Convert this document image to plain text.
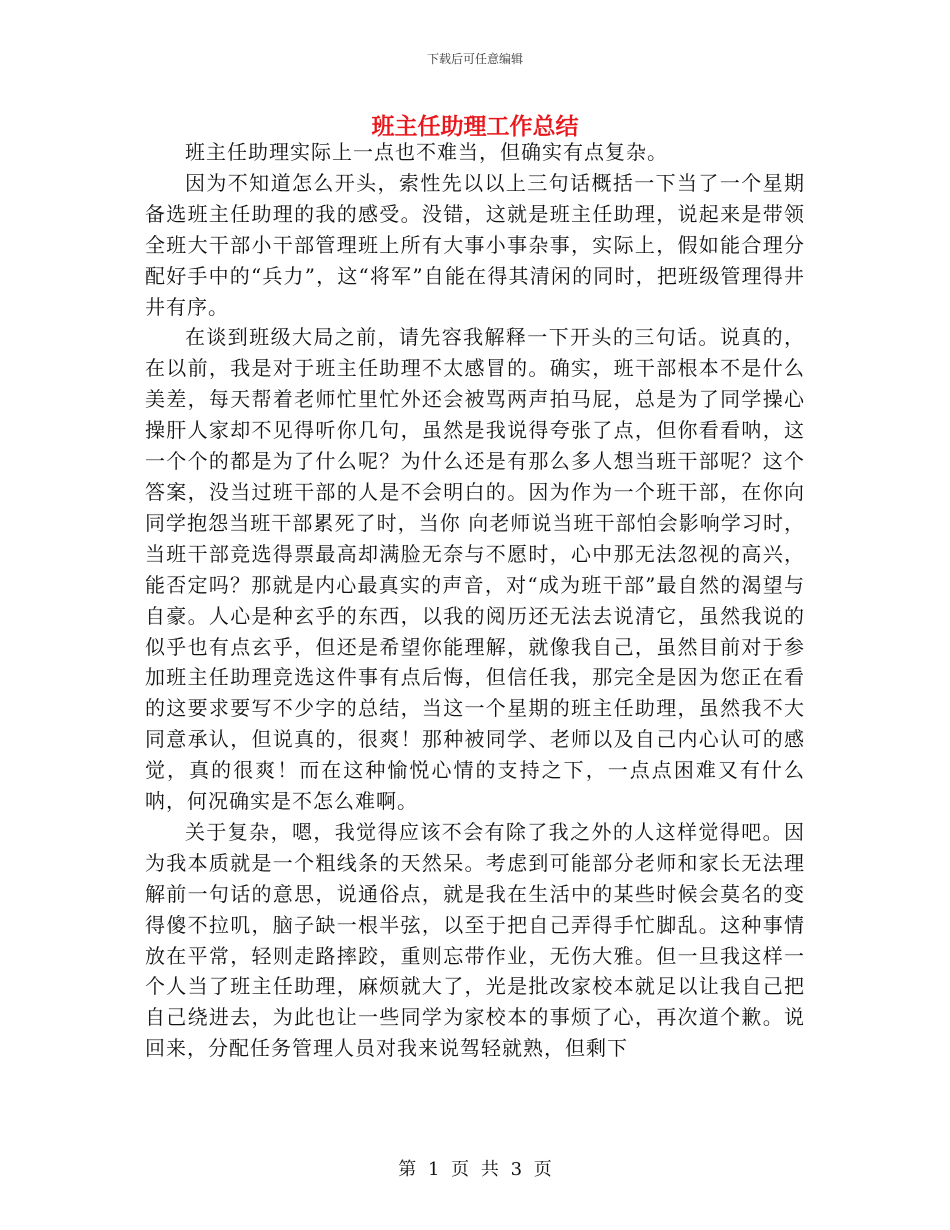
下载后可任意编辑
班主任助理工作总结

班主任助理实际上一点也不难当，但确实有点复杂。

因为不知道怎么开头，索性先以以上三句话概括一下当了一个星期备选班主任助理的我的感受。没错，这就是班主任助理，说起来是带领全班大干部小干部管理班上所有大事小事杂事，实际上，假如能合理分配好手中的“兵力”，这“将军”自能在得其清闲的同时，把班级管理得井井有序。

在谈到班级大局之前，请先容我解释一下开头的三句话。说真的，在以前，我是对于班主任助理不太感冒的。确实，班干部根本不是什么美差，每天帮着老师忙里忙外还会被骂两声拍马屁，总是为了同学操心操肝人家却不见得听你几句，虽然是我说得夸张了点，但你看看呐，这一个个的都是为了什么呢？为什么还是有那么多人想当班干部呢？这个答案，没当过班干部的人是不会明白的。因为作为一个班干部，在你向同学抱怨当班干部累死了时，当你 向老师说当班干部怕会影响学习时，当班干部竞选得票最高却满脸无奈与不愿时，心中那无法忽视的高兴，能否定吗？那就是内心最真实的声音，对“成为班干部”最自然的渴望与自豪。人心是种玄乎的东西，以我的阅历还无法去说清它，虽然我说的似乎也有点玄乎，但还是希望你能理解，就像我自己，虽然目前对于参加班主任助理竞选这件事有点后悔，但信任我，那完全是因为您正在看的这要求要写不少字的总结，当这一个星期的班主任助理，虽然我不大同意承认，但说真的，很爽！那种被同学、老师以及自己内心认可的感觉，真的很爽！而在这种愉悦心情的支持之下，一点点困难又有什么呐，何况确实是不怎么难啊。

关于复杂，嗯，我觉得应该不会有除了我之外的人这样觉得吧。因为我本质就是一个粗线条的天然呆。考虑到可能部分老师和家长无法理解前一句话的意思，说通俗点，就是我在生活中的某些时候会莫名的变得傻不拉叽，脑子缺一根半弦，以至于把自己弄得手忙脚乱。这种事情放在平常，轻则走路摔跤，重则忘带作业，无伤大雅。但一旦我这样一个人当了班主任助理，麻烦就大了，光是批改家校本就足以让我自己把自己绕进去，为此也让一些同学为家校本的事烦了心，再次道个歉。说回来，分配任务管理人员对我来说驾轻就熟，但剩下

第 1 页 共 3 页
